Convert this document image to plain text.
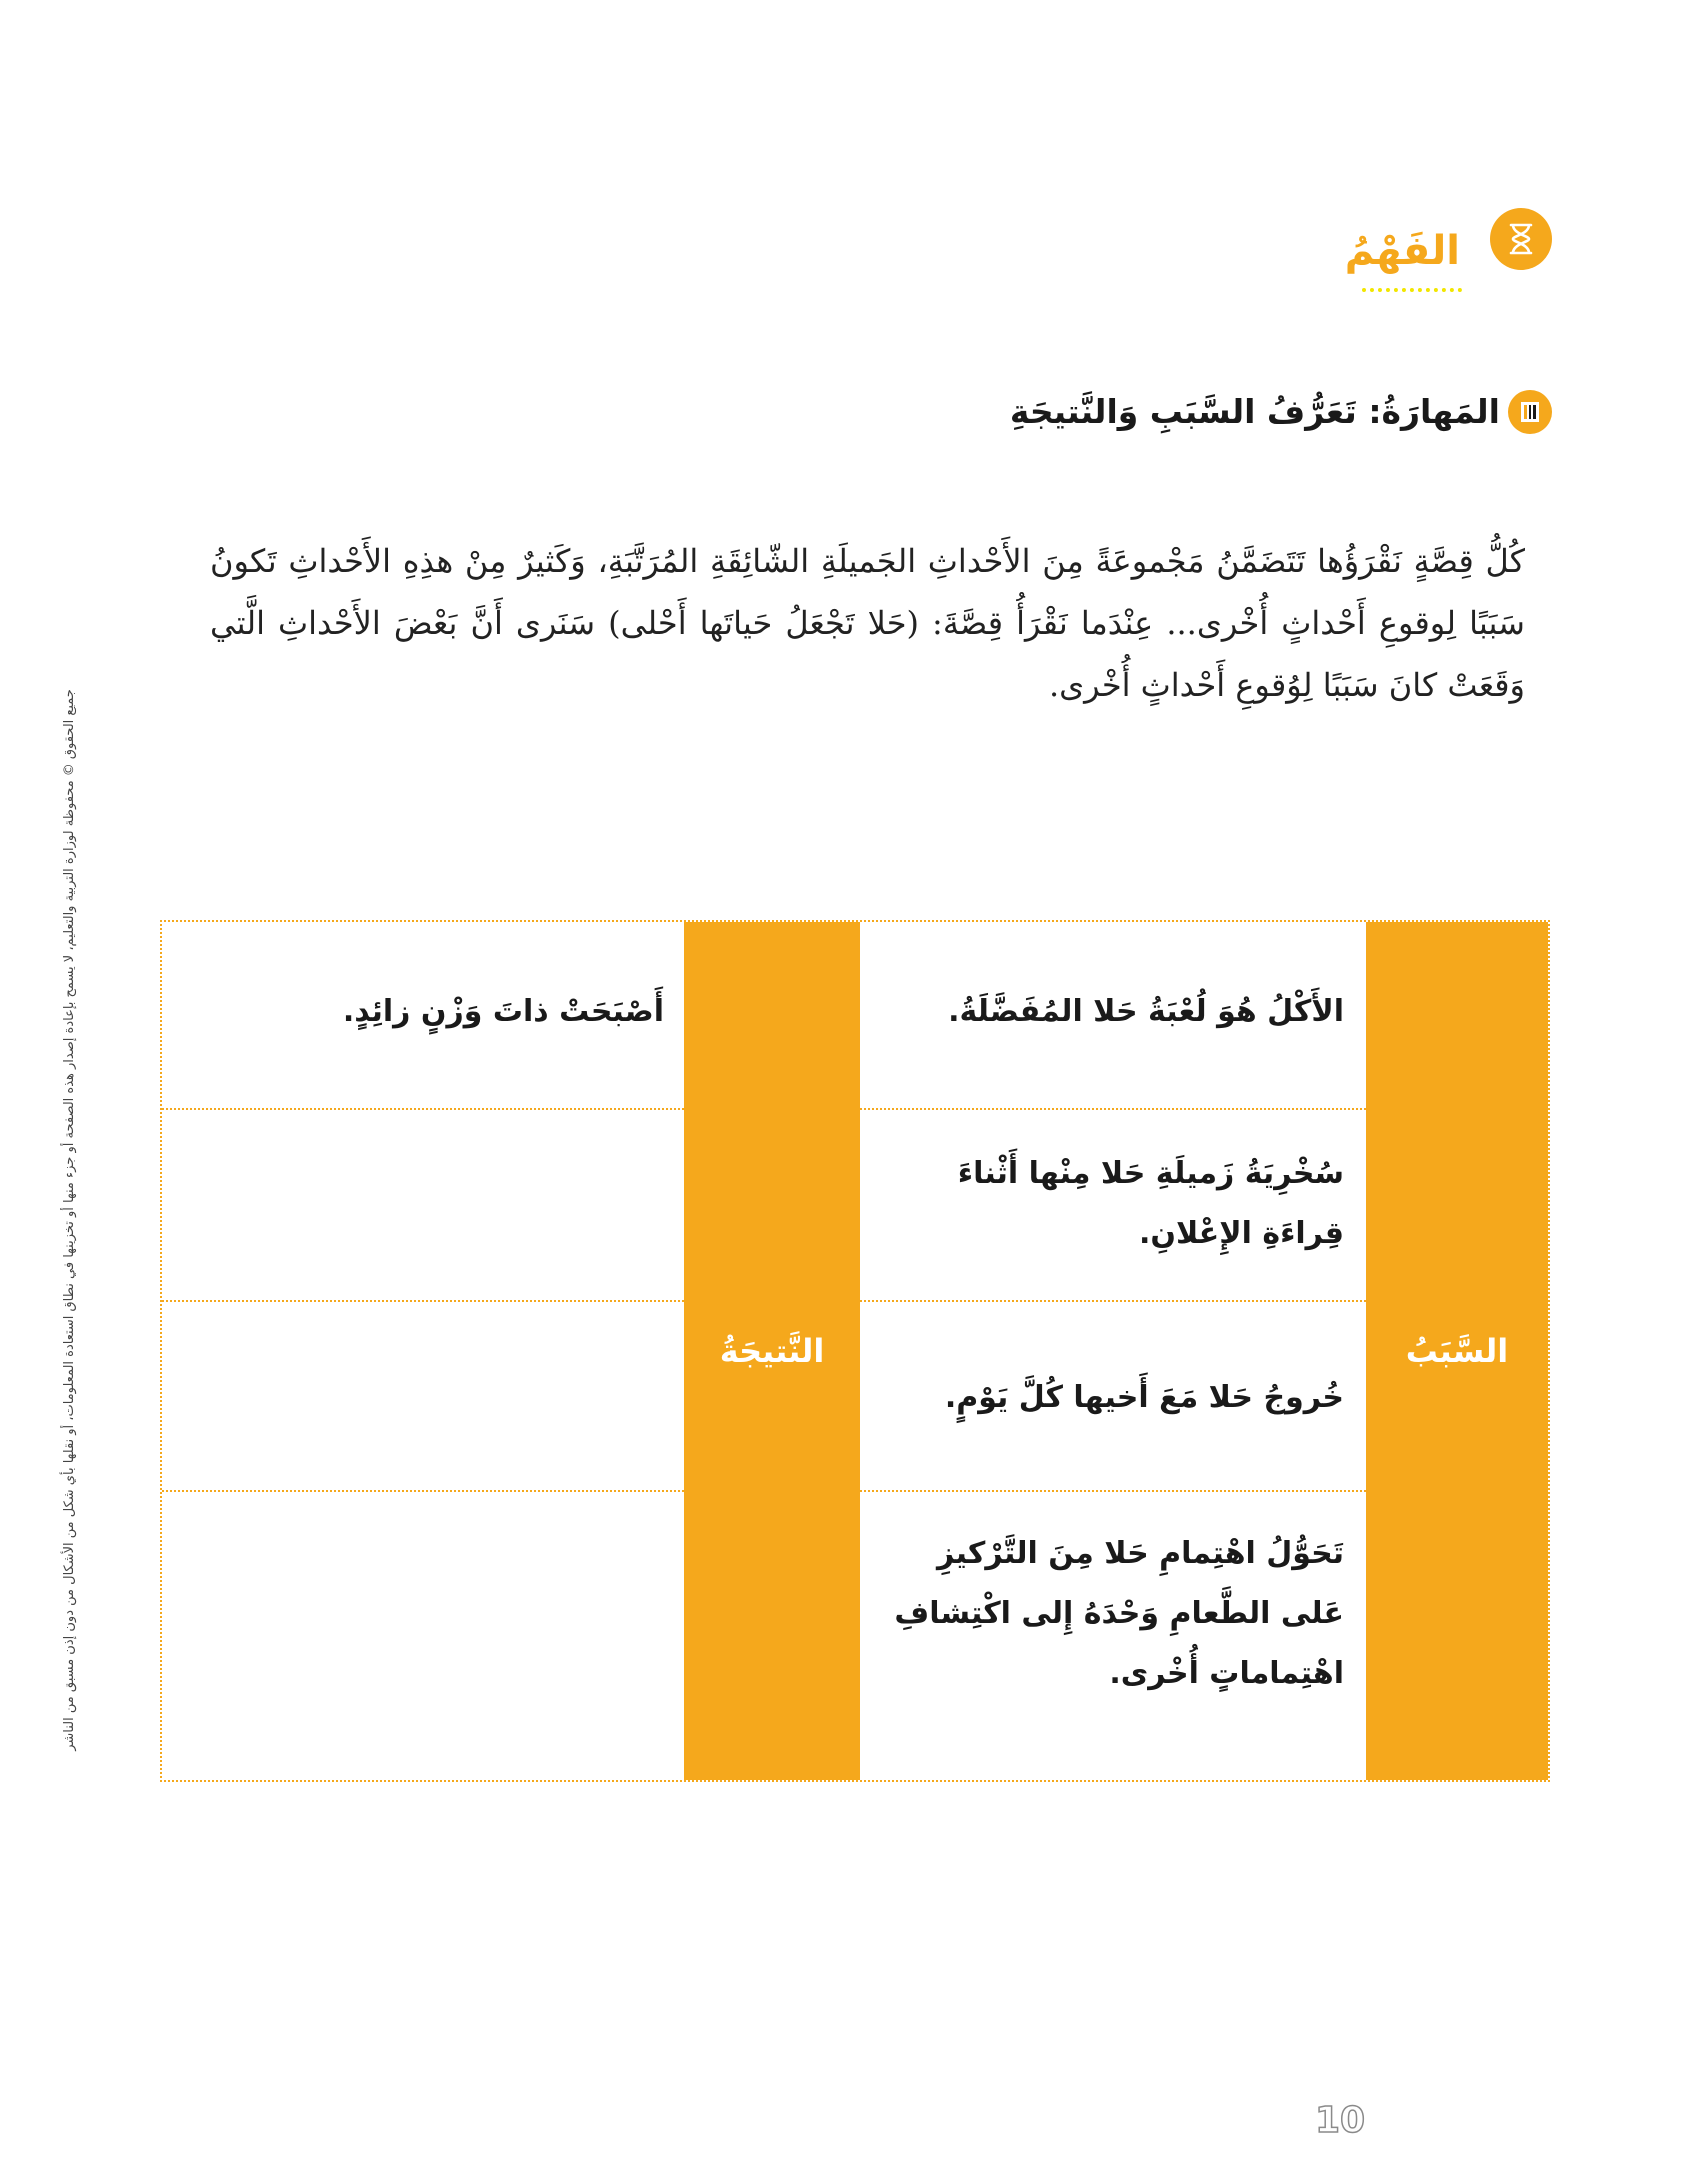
الفَهْمُ
المَهارَةُ: تَعَرُّفُ السَّبَبِ وَالنَّتيجَةِ
كُلُّ قِصَّةٍ نَقْرَؤُها تَتَضَمَّنُ مَجْموعَةً مِنَ الأَحْداثِ الجَميلَةِ الشّائِقَةِ المُرَتَّبَةِ، وَكَثيرٌ مِنْ هذِهِ الأَحْداثِ تَكونُ سَبَبًا لِوقوعِ أَحْداثٍ أُخْرى... عِنْدَما نَقْرَأُ قِصَّةَ: (حَلا تَجْعَلُ حَياتَها أَحْلى) سَنَرى أَنَّ بَعْضَ الأَحْداثِ الَّتي وَقَعَتْ كانَ سَبَبًا لِوُقوعِ أَحْداثٍ أُخْرى.
جميع الحقوق © محفوظة لوزارة التربية والتعليم، لا يسمح بإعادة إصدار هذه الصفحة أو جزء منها أو تخزينها في نطاق استعادة المعلومات، أو نقلها بأي شكل من الأشكال من دون إذن مسبق من الناشر	السَّبَبُ
النَّتيجَةُ
الأَكْلُ هُوَ لُعْبَةُ حَلا المُفَضَّلَةُ.
سُخْرِيَةُ زَميلَةِ حَلا مِنْها أَثْناءَ قِراءَةِ الإِعْلانِ.
خُروجُ حَلا مَعَ أَخيها كُلَّ يَوْمٍ.
تَحَوُّلُ اهْتِمامِ حَلا مِنَ التَّرْكيزِ عَلى الطَّعامِ وَحْدَهُ إِلى اكْتِشافِ اهْتِماماتٍ أُخْرى.
أَصْبَحَتْ ذاتَ وَزْنٍ زائِدٍ.
10
